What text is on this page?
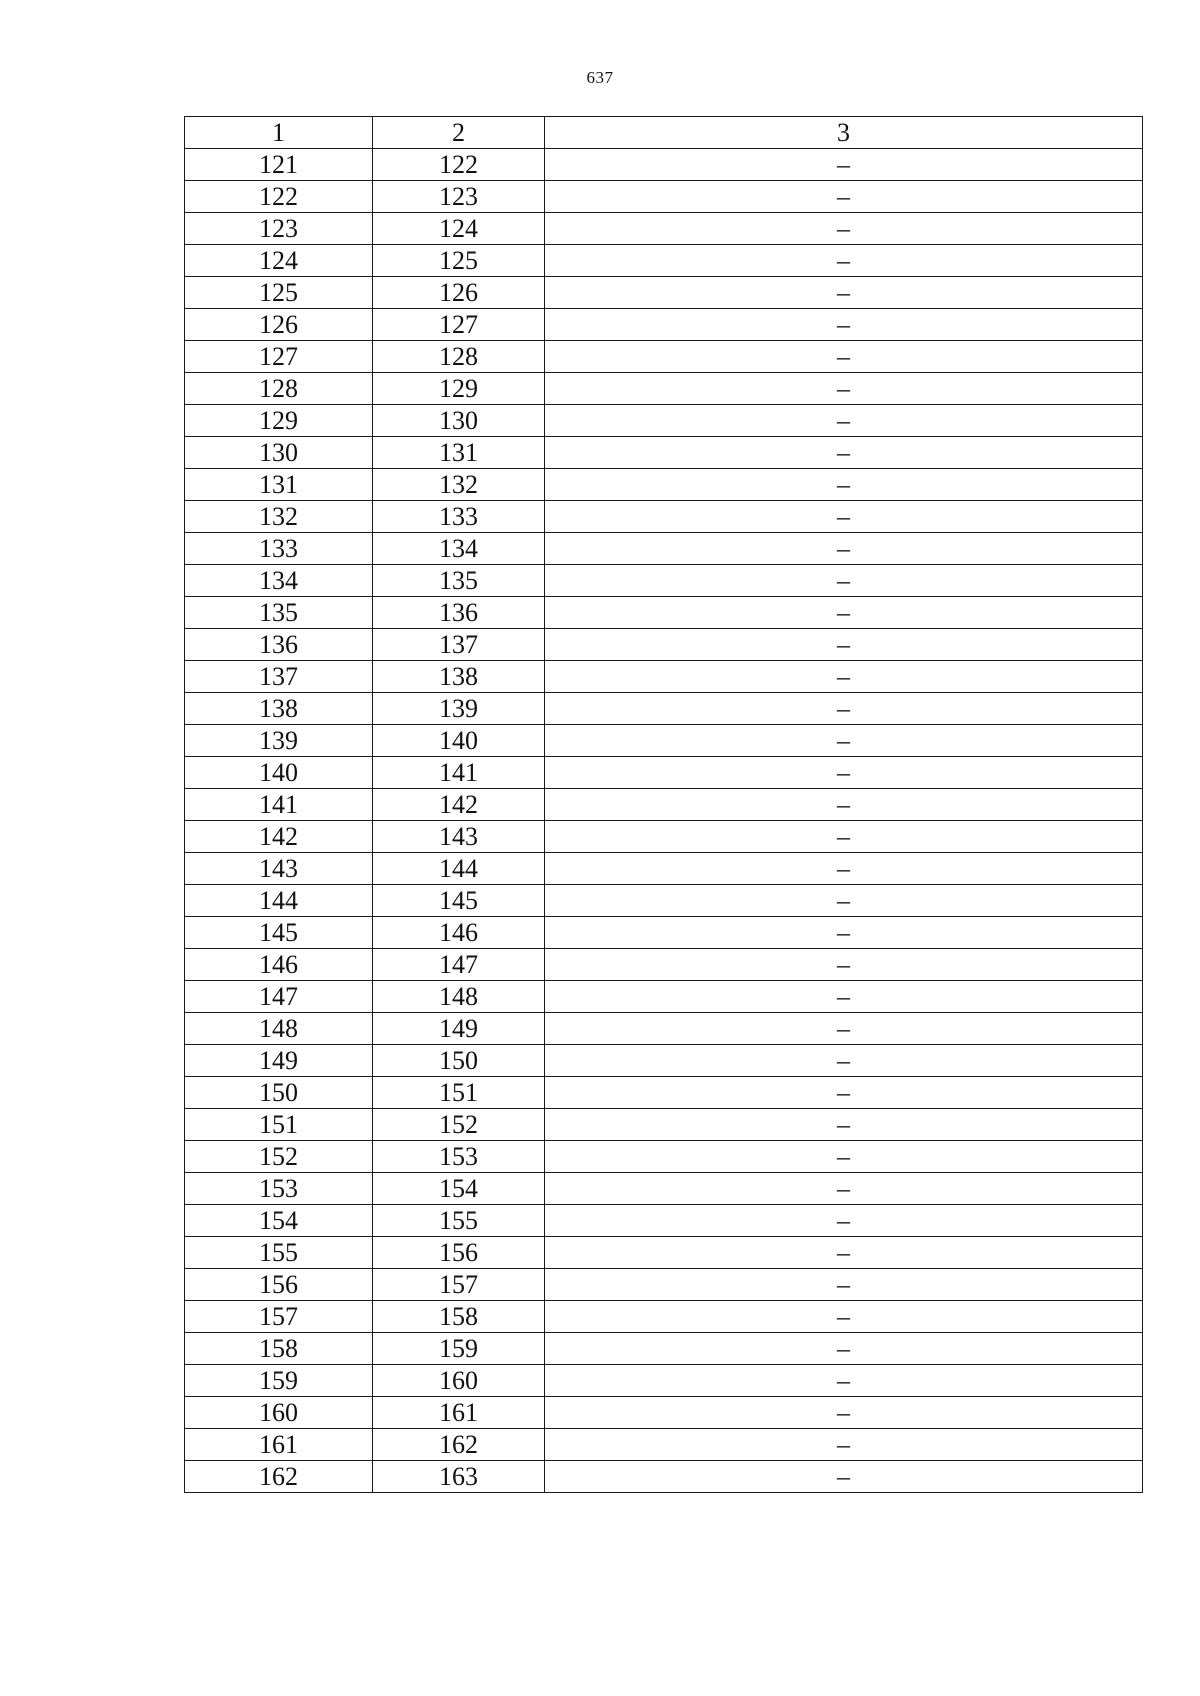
637
1	2	3
121	122	–
122	123	–
123	124	–
124	125	–
125	126	–
126	127	–
127	128	–
128	129	–
129	130	–
130	131	–
131	132	–
132	133	–
133	134	–
134	135	–
135	136	–
136	137	–
137	138	–
138	139	–
139	140	–
140	141	–
141	142	–
142	143	–
143	144	–
144	145	–
145	146	–
146	147	–
147	148	–
148	149	–
149	150	–
150	151	–
151	152	–
152	153	–
153	154	–
154	155	–
155	156	–
156	157	–
157	158	–
158	159	–
159	160	–
160	161	–
161	162	–
162	163	–
